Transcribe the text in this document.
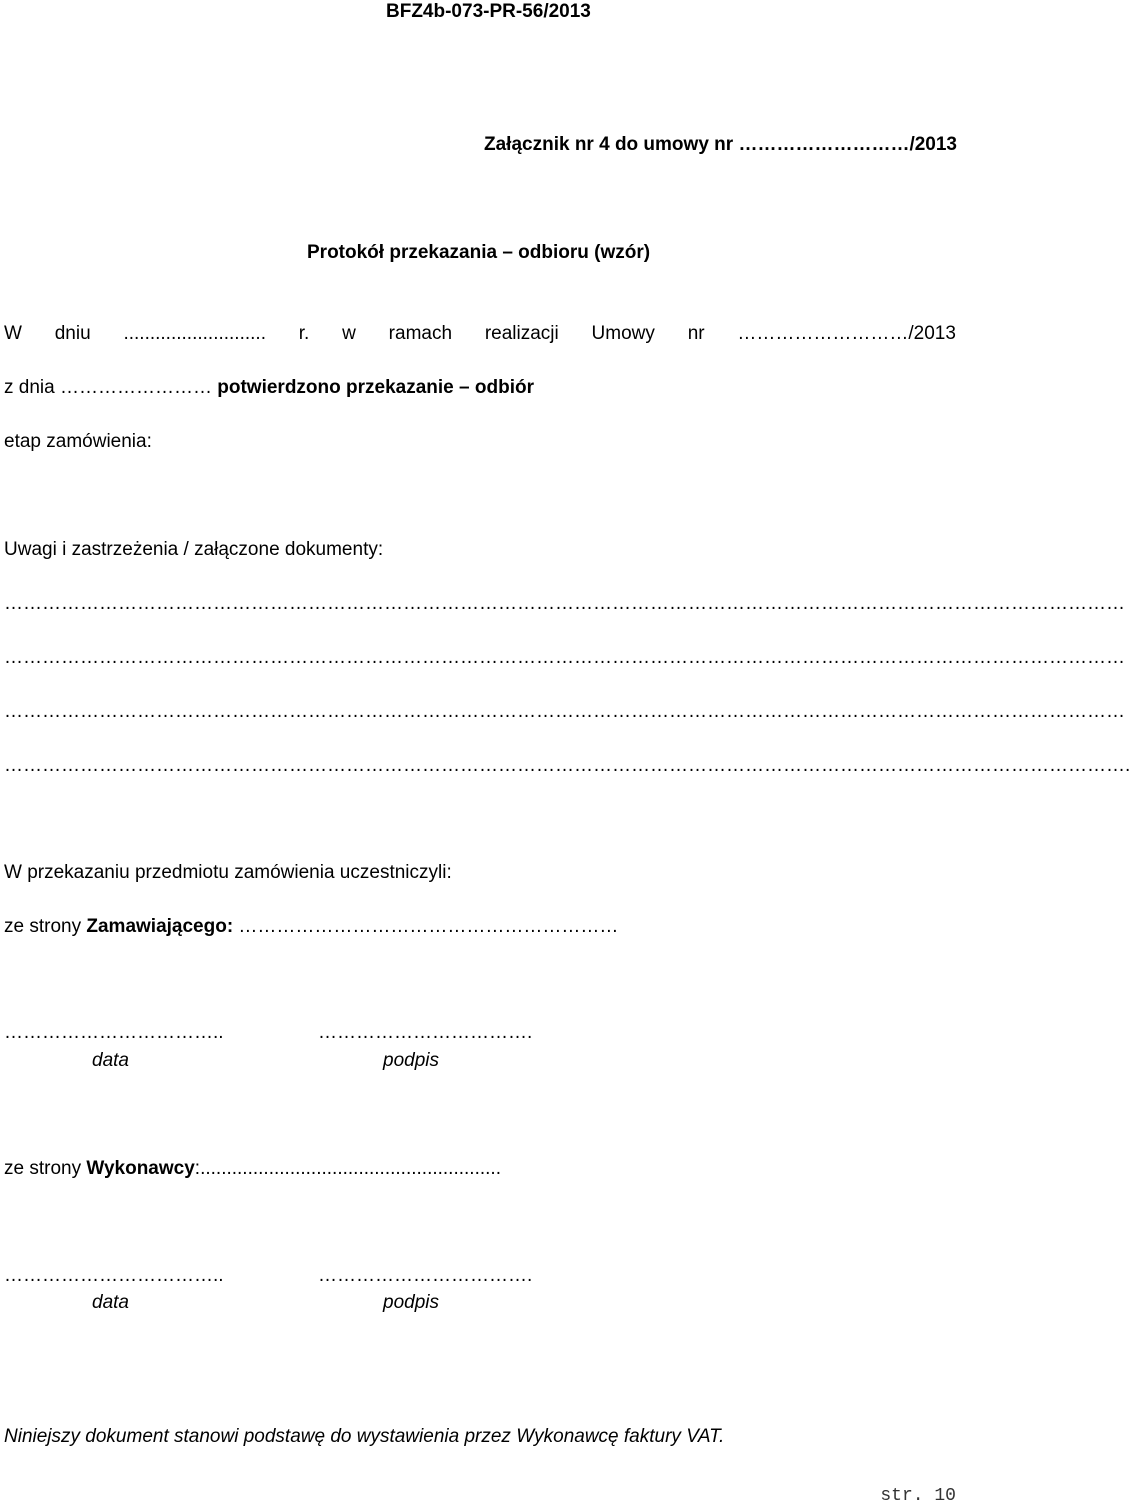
BFZ4b-073-PR-56/2013
Załącznik nr 4 do umowy nr ………………………/2013
Protokół przekazania – odbioru (wzór)
W dniu ........................... r. w ramach realizacji Umowy nr ………………………/2013
z dnia …………………… potwierdzono przekazanie – odbiór
etap zamówienia:
Uwagi i zastrzeżenia / załączone dokumenty:
……………………………………………………………………………………………………………………………………………………………
……………………………………………………………………………………………………………………………………………………………
……………………………………………………………………………………………………………………………………………………………
…………………………………………………………………………………………………………………………………………………………….
W przekazaniu przedmiotu zamówienia uczestniczyli:
ze strony Zamawiającego: ……………………………………………………
……………………………..	…………………………….
data	podpis
ze strony Wykonawcy:.........................................................
……………………………..	…………………………….
data	podpis
Niniejszy dokument stanowi podstawę do wystawienia przez Wykonawcę faktury VAT.
str. 10
